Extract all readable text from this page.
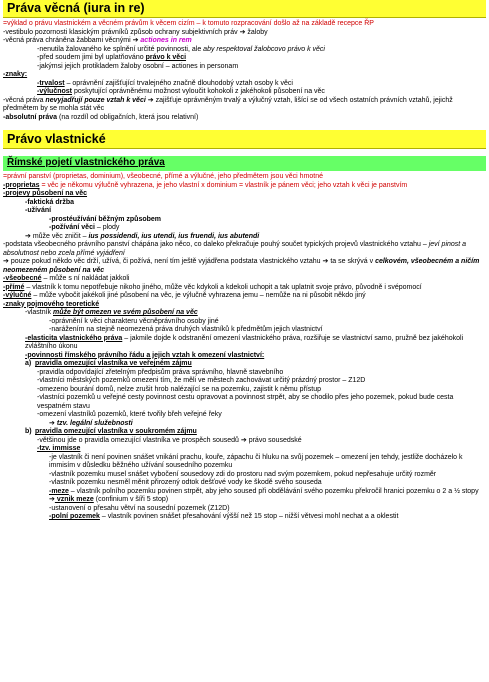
Práva věcná (iura in re)

=výklad o právu vlastnickém a věcném právům k věcem cizím – k tomuto rozpracování došlo až na základě recepce ŘP

-vestibulo pozornosti klasickým právníků způsob ochrany subjektivních práv ➔ žaloby

-věcná práva chráněna žabbami věcnými ➔ actiones in rem

-nenutila žalovaného ke splnění určité povinnosti, ale aby respektoval žalobcovo právo k věci

-před soudem jimi byl uplatňováno právo k věci

-jakýmsi jejich protikladem žaloby osobní – actiones in personam

-znaky:

-trvalost – oprávnění zajišťující trvalejného značně dlouhodobý vztah osoby k věci

-výlučnost poskytující oprávněnému možnost vyloučit kohokoli z jakéhokoli působení na věc

-věcná práva nevyjadřují pouze vztah k věci ➔ zajišťuje oprávněným trvalý a výlučný vztah, lišící se od všech ostatních právních vztahů, jejichž předmětem by se mohla stát věc

-absolutní práva (na rozdíl od obligačních, která jsou relativní)

Právo vlastnické
Římské pojetí vlastnického práva

=právní panství (proprietas, dominium), všeobecné, přímé a výlučné, jeho předmětem jsou věci hmotné

-proprietas = věc je někomu výlučně vyhrazena, je jeho vlastní x dominium = vlastník je pánem věci; jeho vztah k věci je panstvím

-projevy působení na věc

-faktická držba

-užívání

-prostéužívání běžným způsobem

-požívání věci – plody

➔ může věc zničit – ius possidendi, ius utendi, ius fruendi, ius abutendi

-podstata všeobecného právního panství chápána jako něco, co daleko překračuje pouhý součet typických projevů vlastnického vztahu – jeví pinost a absolutnost nebo zcela přímé vyjádření

➔ pouze pokud někdo věc drží, užívá, či požívá, není tím ještě vyjádřena podstata vlastnického vztahu ➔ ta se skrývá v celkovém, všeobecném a ničím neomezeném působení na věc

-všeobecné – může s ní nakládat jakkoli

-přímé – vlastník k tomu nepotřebuje nikoho jiného, může věc kdykoli a kdekoli uchopit a tak uplatnit svoje právo, původně i svépomocí

-výlučné – může vybočit jakékoli jiné působení na věc, je výlučně vyhrazena jemu – nemůže na ni působit někdo jiný

-znaky pojmového teoretické

-vlastník může být omezen ve svém působení na věc

-oprávnění k věci charakteru věcněprávního osoby jiné

-narážením na stejně neomezená práva druhých vlastníků k předmětům jejich vlastnictví

-elasticita vlastnického práva – jakmile dojde k odstranění omezení vlastnického práva, rozšiřuje se vlastnictví samo, pružně bez jakéhokoli zvláštního úkonu

-povinnosti římského právního řádu a jejich vztah k omezení vlastnictví:

a) pravidla omezující vlastníka ve veřejném zájmu

-pravidla odpovídající zřetelným předpisům práva správního, hlavně stavebního

-vlastníci městských pozemků omezeni tím, že měli ve městech zachovávat určitý prázdný prostor – Z12D

-omezeno bourání domů, nelze zrušit hrob nalézající se na pozemku, zajistit k němu přístup

-vlastníci pozemků u veřejné cesty povinnost cestu opravovat a povinnost strpět, aby se chodilo přes jeho pozemek, pokud bude cesta vespatném stavu

-omezení vlastníků pozemků, které tvořily břeh veřejné řeky

➔ tzv. legální služebnosti

b) pravidla omezující vlastníka v soukromém zájmu

-většinou jde o pravidla omezující vlastníka ve prospěch sousedů ➔ právo sousedské

-tzv. immisse

-je vlastník či není povinen snášet vnikání prachu, kouře, zápachu či hluku na svůj pozemek – omezení jen tehdy, jestliže docházelo k immisím v důsledku běžného užívání sousedního pozemku

-vlastník pozemku musel snášet vybočení sousedovy zdi do prostoru nad svým pozemkem, pokud nepřesahuje určitý rozměr

-vlastník pozemku nesměl měnit přirozený odtok dešťové vody ke škodě svého souseda

-meze – vlastník polního pozemku povinen strpět, aby jeho soused při obdělávání svého pozemku překročil hranici pozemku o 2 a ½ stopy ➔ vznik meze (confinium v šíři 5 stop)

-ustanovení o přesahu větví na sousední pozemek (Z12D)

-polní pozemek – vlastník povinen snášet přesahování výšší než 15 stop – nižší větvesi mohl nechat a a oklestit
